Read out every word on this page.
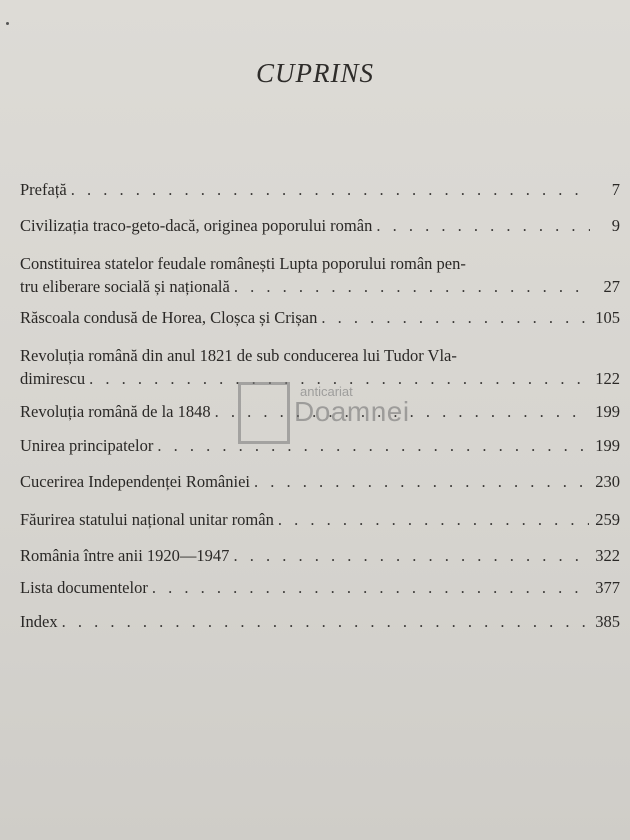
CUPRINS
Prefață . . .	7
Civilizația traco-geto-dacă, originea poporului român . . .	9
Constituirea statelor feudale românești Lupta poporului român pen-
tru eliberare socială și națională . . .	27
Răscoala condusă de Horea, Cloșca și Crișan . . .	105
Revoluția română din anul 1821 de sub conducerea lui Tudor Vla-
dimirescu . . .	122
Revoluția română de la 1848 . . .	199
Unirea principatelor . . .	199
Cucerirea Independenței României . . .	230
Făurirea statului național unitar român . . .	259
România între anii 1920—1947 . . .	322
Lista documentelor . . .	377
Index . . .	385
anticariat
Doamnei
